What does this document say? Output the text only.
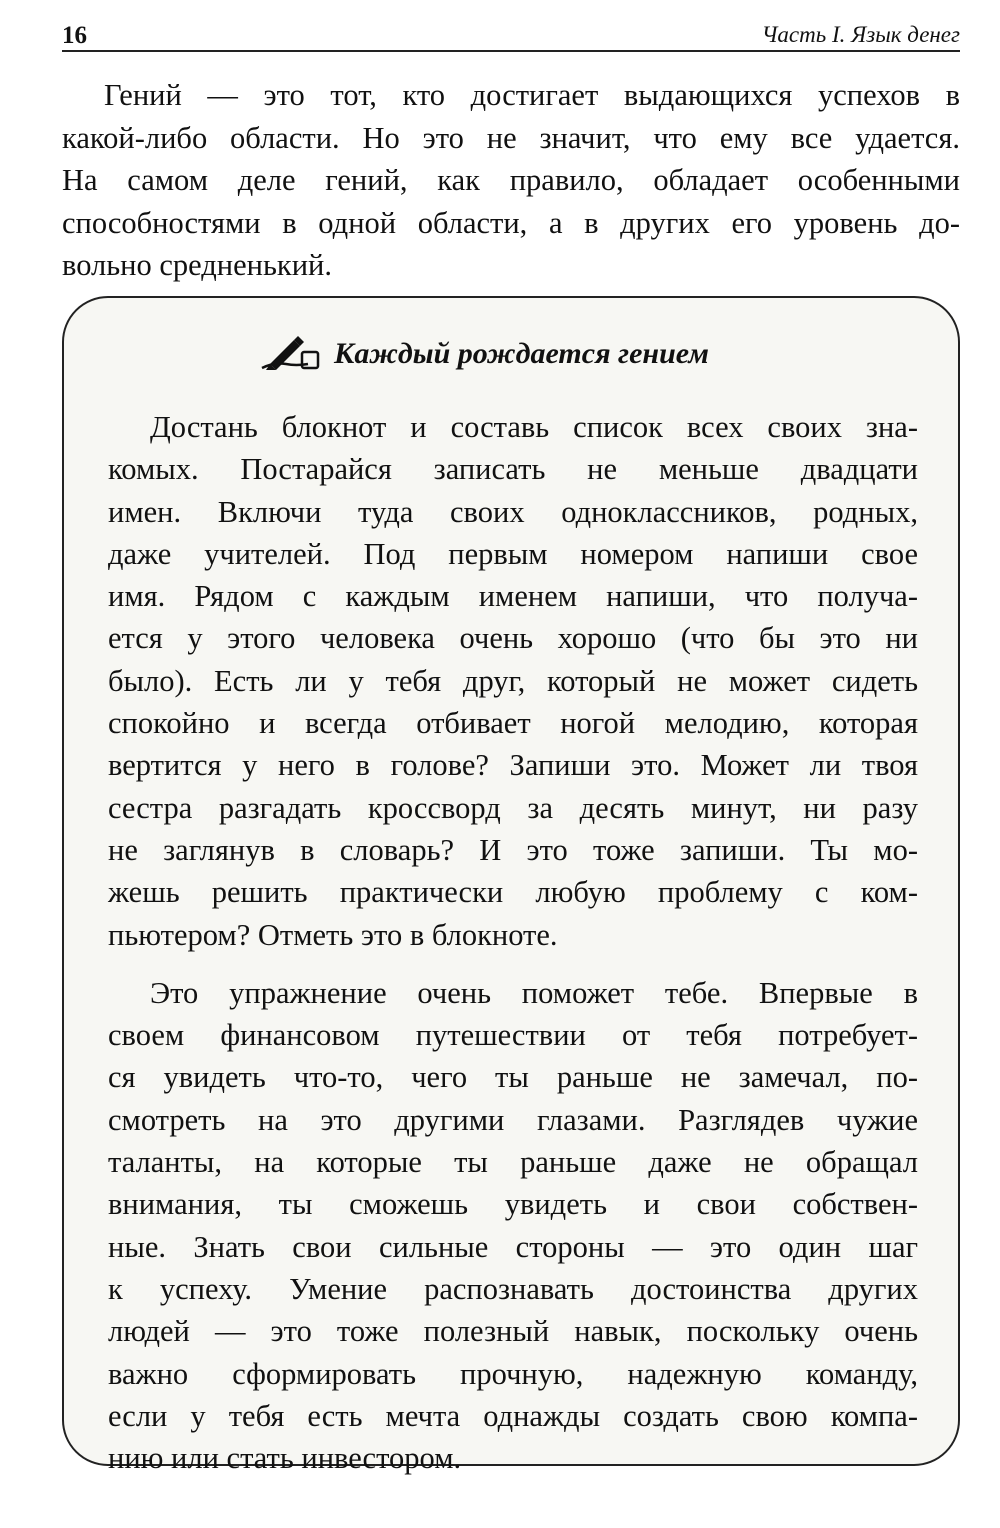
16	Часть I. Язык денег
Гений — это тот, кто достигает выдающихся успехов в
какой-либо области. Но это не значит, что ему все удается.
На самом деле гений, как правило, обладает особенными
способностями в одной области, а в других его уровень до-
вольно средненький.
Каждый рождается гением
Достань блокнот и составь список всех своих зна-
комых. Постарайся записать не меньше двадцати
имен. Включи туда своих одноклассников, родных,
даже учителей. Под первым номером напиши свое
имя. Рядом с каждым именем напиши, что получа-
ется у этого человека очень хорошо (что бы это ни
было). Есть ли у тебя друг, который не может сидеть
спокойно и всегда отбивает ногой мелодию, которая
вертится у него в голове? Запиши это. Может ли твоя
сестра разгадать кроссворд за десять минут, ни разу
не заглянув в словарь? И это тоже запиши. Ты мо-
жешь решить практически любую проблему с ком-
пьютером? Отметь это в блокноте.
Это упражнение очень поможет тебе. Впервые в
своем финансовом путешествии от тебя потребует-
ся увидеть что-то, чего ты раньше не замечал, по-
смотреть на это другими глазами. Разглядев чужие
таланты, на которые ты раньше даже не обращал
внимания, ты сможешь увидеть и свои собствен-
ные. Знать свои сильные стороны — это один шаг
к успеху. Умение распознавать достоинства других
людей — это тоже полезный навык, поскольку очень
важно сформировать прочную, надежную команду,
если у тебя есть мечта однажды создать свою компа-
нию или стать инвестором.
